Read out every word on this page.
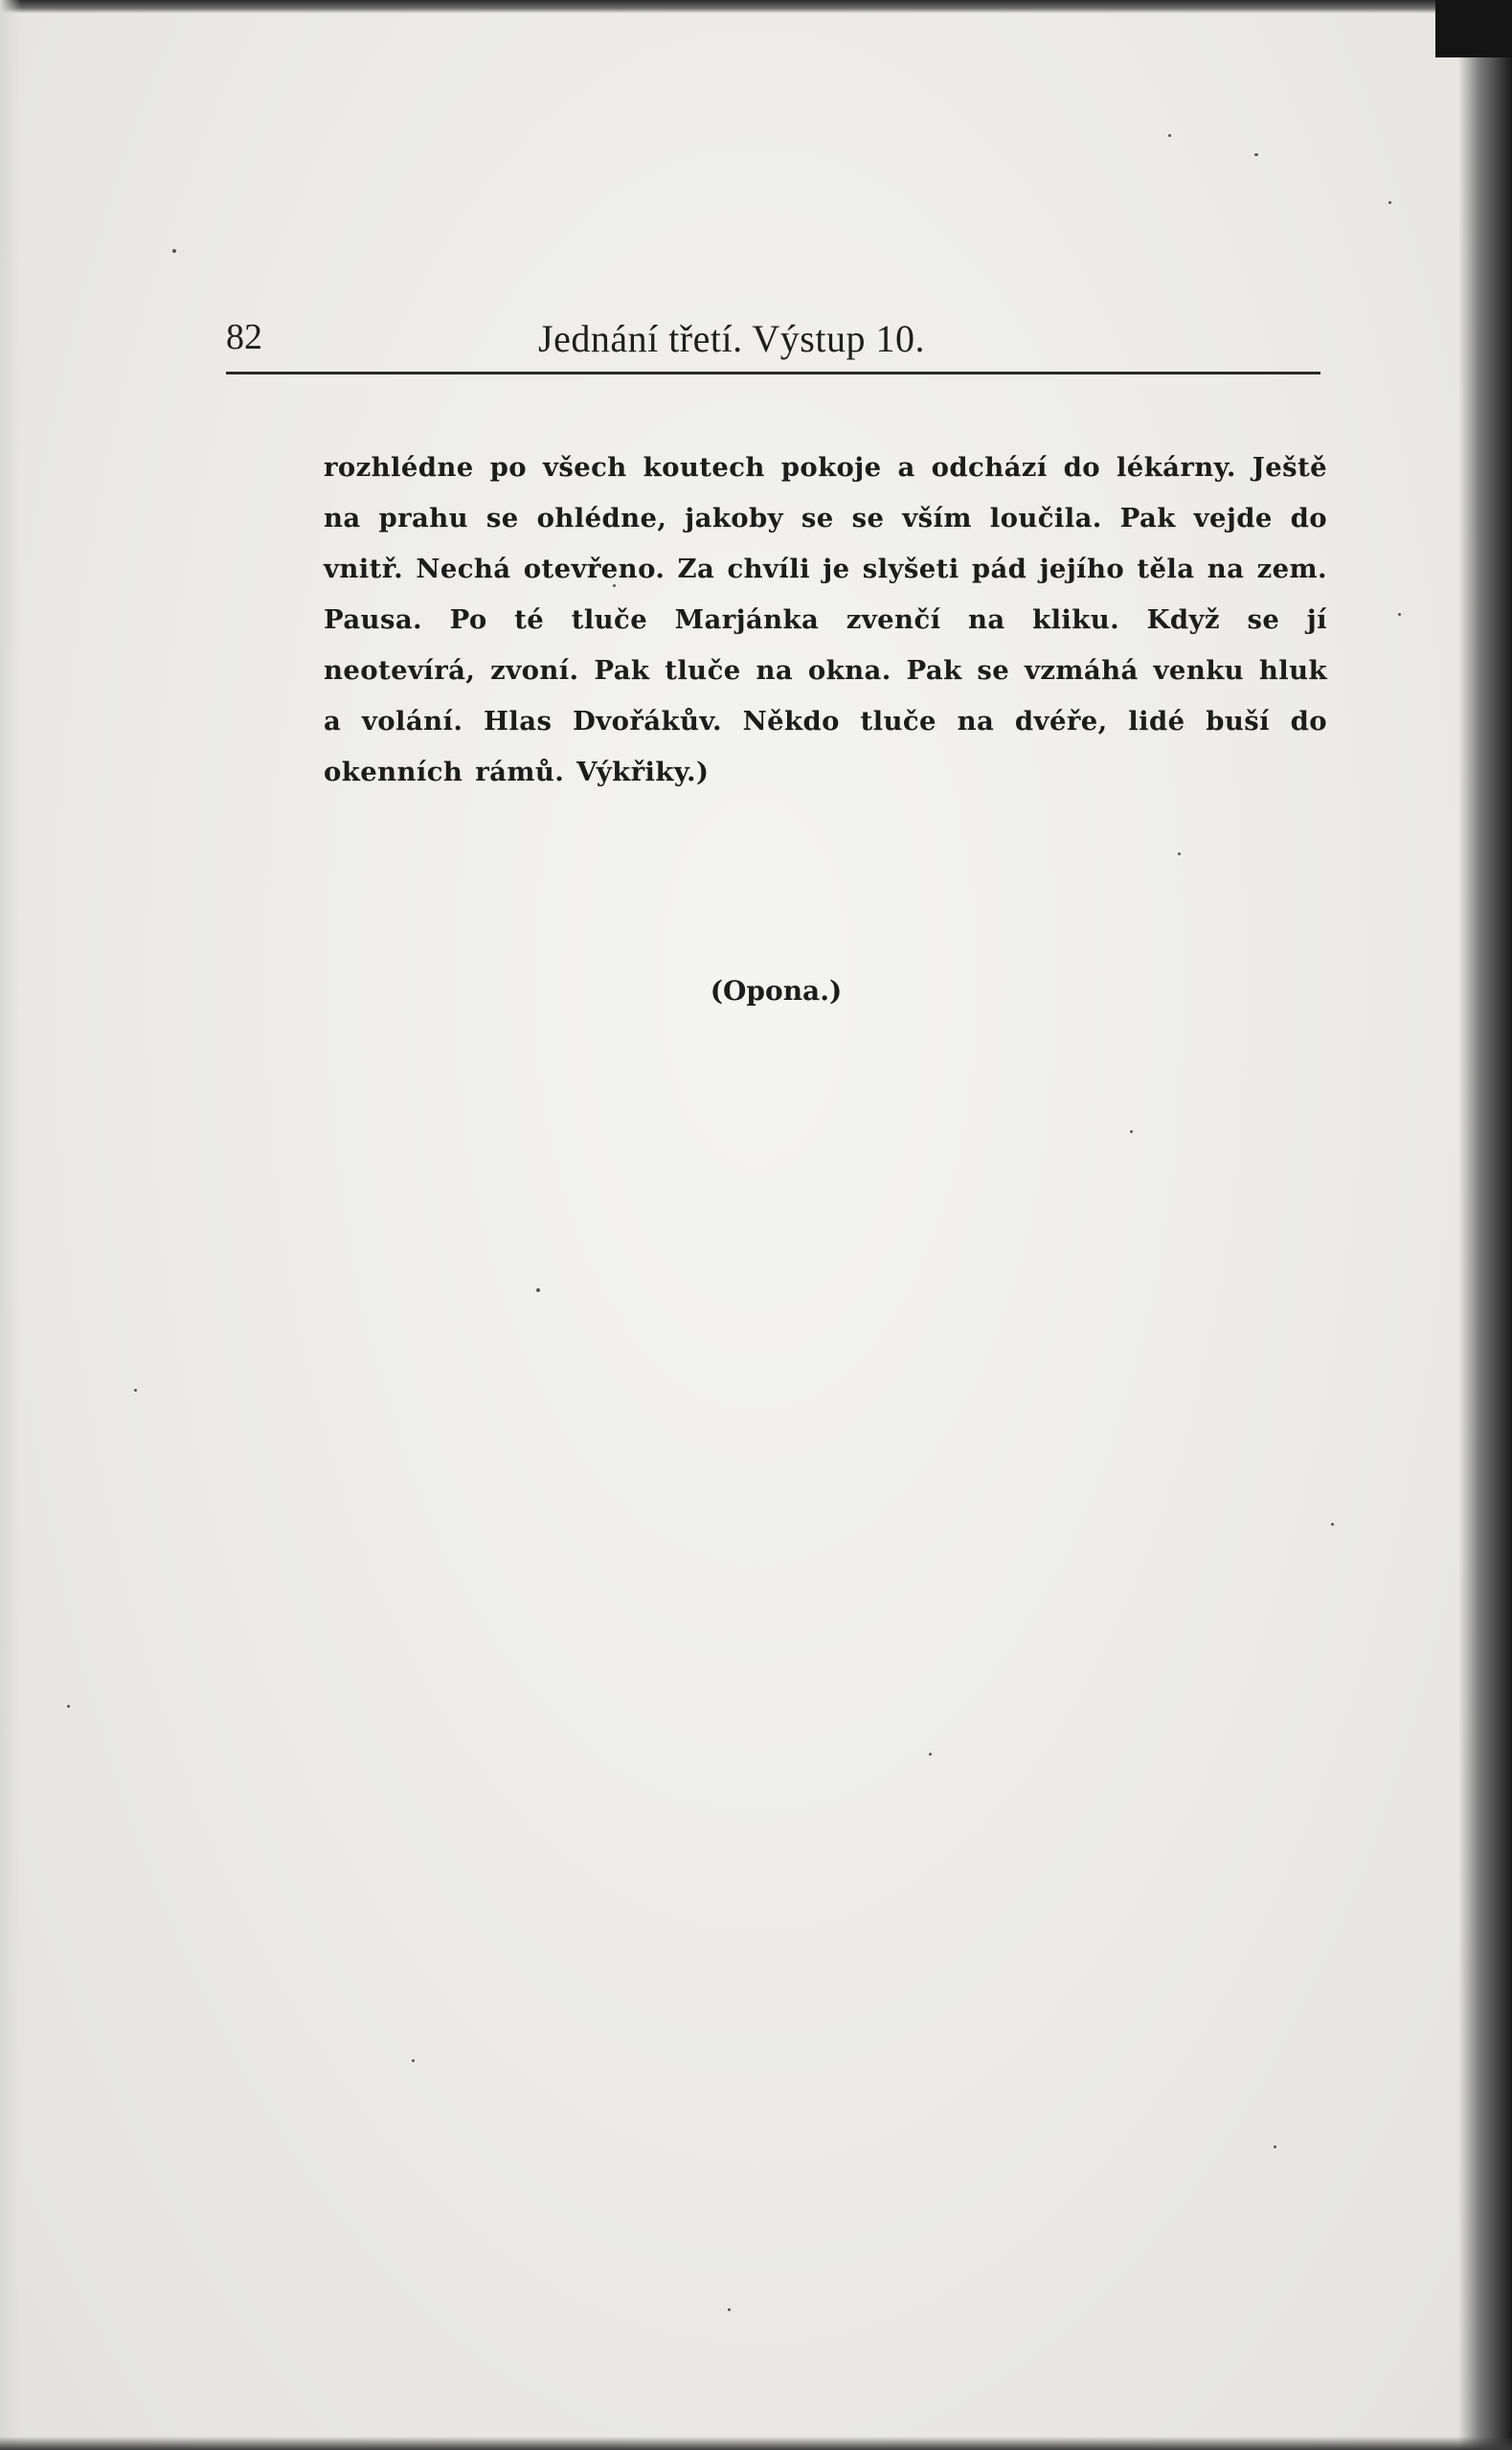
82	Jednání třetí. Výstup 10.
rozhlédne po všech koutech pokoje a odchází do lékárny. Ještě na prahu se ohlédne, jakoby se se vším loučila. Pak vejde do vnitř. Nechá otevřeno. Za chvíli je slyšeti pád jejího těla na zem. Pausa. Po té tluče Marjánka zvenčí na kliku. Když se jí neotevírá, zvoní. Pak tluče na okna. Pak se vzmáhá venku hluk a volání. Hlas Dvořákův. Někdo tluče na dvéře, lidé buší do okenních rámů. Výkřiky.)
(Opona.)
